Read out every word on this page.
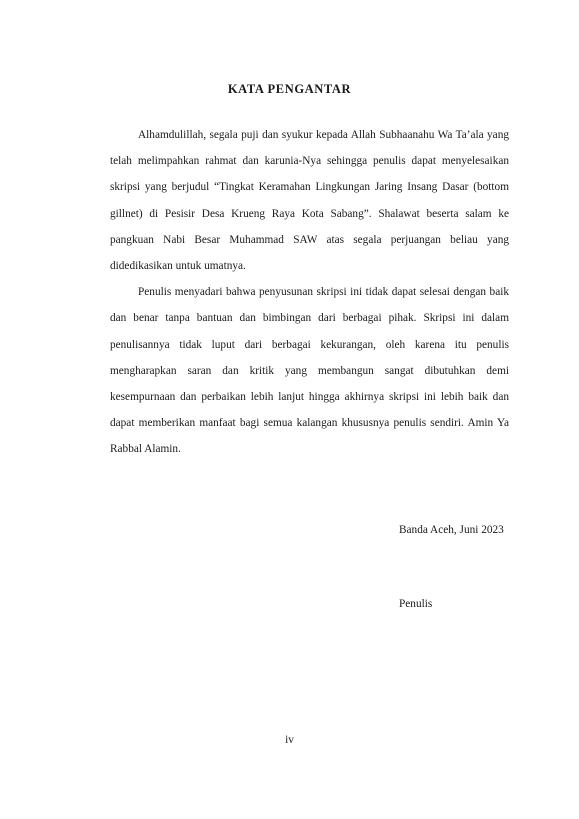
KATA PENGANTAR

Alhamdulillah, segala puji dan syukur kepada Allah Subhaanahu Wa Ta’ala yang telah melimpahkan rahmat dan karunia-Nya sehingga penulis dapat menyelesaikan skripsi yang berjudul “Tingkat Keramahan Lingkungan Jaring Insang Dasar (bottom gillnet) di Pesisir Desa Krueng Raya Kota Sabang”. Shalawat beserta salam ke pangkuan Nabi Besar Muhammad SAW atas segala perjuangan beliau yang didedikasikan untuk umatnya.

Penulis menyadari bahwa penyusunan skripsi ini tidak dapat selesai dengan baik dan benar tanpa bantuan dan bimbingan dari berbagai pihak. Skripsi ini dalam penulisannya tidak luput dari berbagai kekurangan, oleh karena itu penulis mengharapkan saran dan kritik yang membangun sangat dibutuhkan demi kesempurnaan dan perbaikan lebih lanjut hingga akhirnya skripsi ini lebih baik dan dapat memberikan manfaat bagi semua kalangan khususnya penulis sendiri. Amin Ya Rabbal Alamin.

Banda Aceh, Juni 2023
Penulis
iv
